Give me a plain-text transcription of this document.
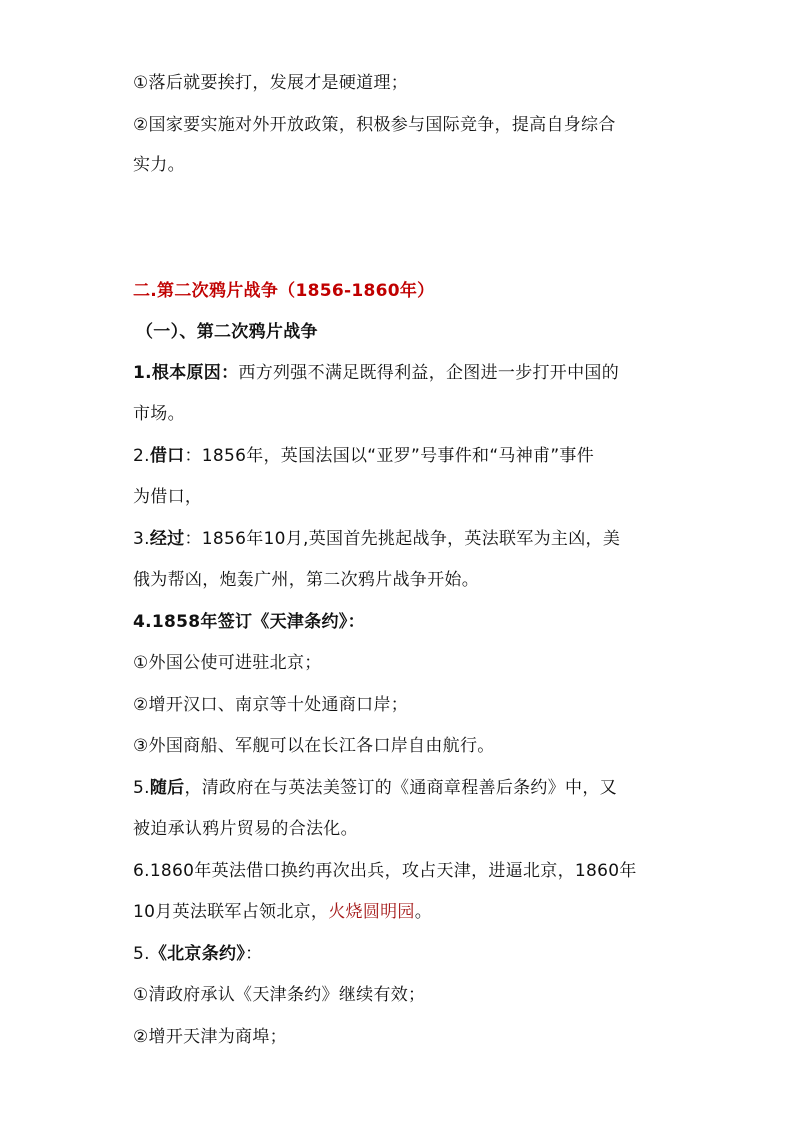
①落后就要挨打，发展才是硬道理；
②国家要实施对外开放政策，积极参与国际竞争，提高自身综合
实力。
二.第二次鸦片战争（1856-1860年）
（一）、第二次鸦片战争
1.根本原因：西方列强不满足既得利益，企图进一步打开中国的
市场。
2.借口：1856年，英国法国以“亚罗”号事件和“马神甫”事件
为借口，
3.经过：1856年10月,英国首先挑起战争，英法联军为主凶，美
俄为帮凶，炮轰广州，第二次鸦片战争开始。
4.1858年签订《天津条约》：
①外国公使可进驻北京；
②增开汉口、南京等十处通商口岸；
③外国商船、军舰可以在长江各口岸自由航行。
5.随后，清政府在与英法美签订的《通商章程善后条约》中，又
被迫承认鸦片贸易的合法化。
6.1860年英法借口换约再次出兵，攻占天津，进逼北京，1860年
10月英法联军占领北京，火烧圆明园。
5.《北京条约》：
①清政府承认《天津条约》继续有效；
②增开天津为商埠；
